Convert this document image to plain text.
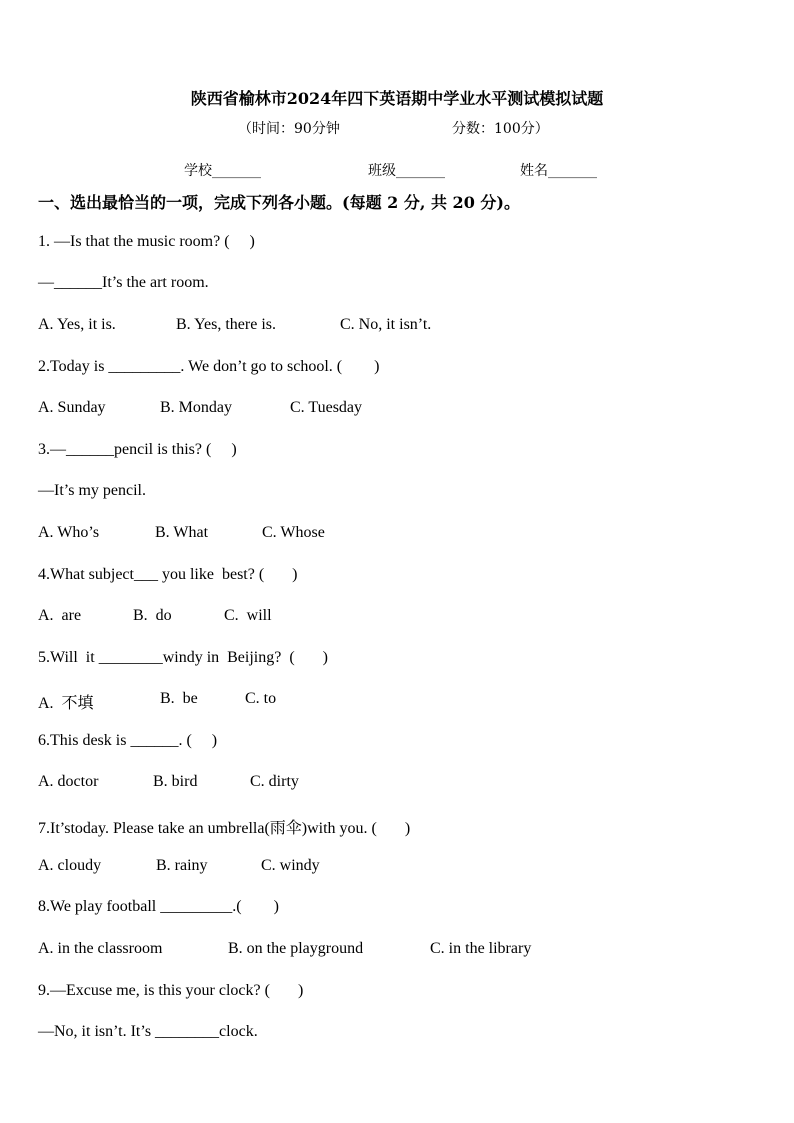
陕西省榆林市2024年四下英语期中学业水平测试模拟试题
（时间：90分钟	分数：100分）
学校_______	班级_______	姓名_______
一、选出最恰当的一项，完成下列各小题。(每题 2 分, 共 20 分)。
1. —Is that the music room? (     )
—______It’s the art room.
A. Yes, it is.	B. Yes, there is.	C. No, it isn’t.
2.Today is _________. We don’t go to school. (        )
A. Sunday	B. Monday	C. Tuesday
3.—______pencil is this? (     )
—It’s my pencil.
A. Who’s	B. What	C. Whose
4.What subject___ you like  best? (       )
A.  are	B.  do	C.  will
5.Will  it ________windy in  Beijing?  (       )
A.  不填	B.  be	C. to
6.This desk is ______. (     )
A. doctor	B. bird	C. dirty
7.It’stoday. Please take an umbrella(雨伞)with you. (       )
A. cloudy	B. rainy	C. windy
8.We play football _________.(        )
A. in the classroom	B. on the playground	C. in the library
9.—Excuse me, is this your clock? (       )
—No, it isn’t. It’s ________clock.
